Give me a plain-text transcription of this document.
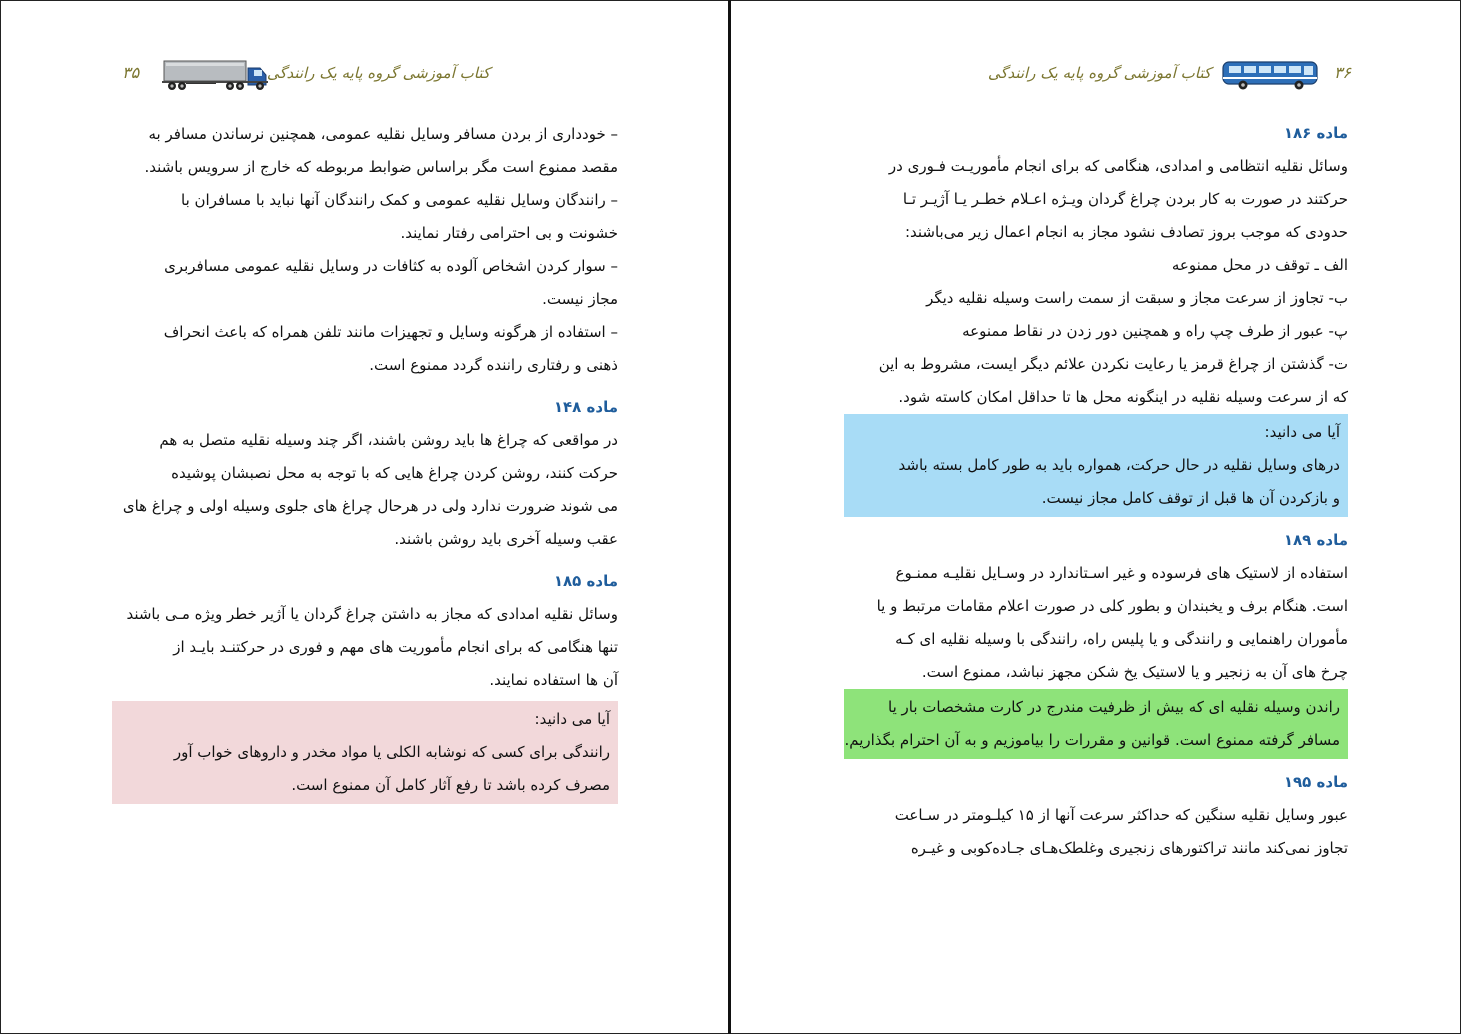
۳۵	کتاب آموزشی گروه پایه یک رانندگی
– خودداری از بردن مسافر وسایل نقلیه عمومی، همچنین نرساندن مسافر به
مقصد ممنوع است مگر براساس ضوابط مربوطه که خارج از سرویس باشند.
– رانندگان وسایل نقلیه عمومی و کمک رانندگان آنها نباید با مسافران با
خشونت و بی احترامی رفتار نمایند.
– سوار کردن اشخاص آلوده به کثافات در وسایل نقلیه عمومی مسافربری
مجاز نیست.
– استفاده از هرگونه وسایل و تجهیزات مانند تلفن همراه که باعث انحراف
ذهنی و رفتاری راننده گردد ممنوع است.
ماده ۱۴۸
در مواقعی که چراغ ها باید روشن باشند، اگر چند وسیله نقلیه متصل به هم
حرکت کنند، روشن کردن چراغ هایی که با توجه به محل نصبشان پوشیده
می شوند ضرورت ندارد ولی در هرحال چراغ های جلوی وسیله اولی و چراغ های
عقب وسیله آخری باید روشن باشند.
ماده ۱۸۵
وسائل نقلیه امدادی که مجاز به داشتن چراغ گردان یا آژیر خطر ویژه مـی باشند
تنها هنگامی که برای انجام مأموریت های مهم و فوری در حرکتنـد بایـد از
آن ها استفاده نمایند.
آیا می دانید:
رانندگی برای کسی که نوشابه الکلی یا مواد مخدر و داروهای خواب آور
مصرف کرده باشد تا رفع آثار کامل آن ممنوع است.
۳۶
کتاب آموزشی گروه پایه یک رانندگی
ماده ۱۸۶
وسائل نقلیه انتظامی و امدادی، هنگامی که برای انجام مأموریـت فـوری در
حرکتند در صورت به کار بردن چراغ گردان ویـژه اعـلام خطـر یـا آژیـر تـا
حدودی که موجب بروز تصادف نشود مجاز به انجام اعمال زیر می‌باشند:
الف ـ توقف در محل ممنوعه
ب- تجاوز از سرعت مجاز و سبقت از سمت راست وسیله نقلیه دیگر
پ- عبور از طرف چپ راه و همچنین دور زدن در نقاط ممنوعه
ت- گذشتن از چراغ قرمز یا رعایت نکردن علائم دیگر ایست، مشروط به این
که از سرعت وسیله نقلیه در اینگونه محل ها تا حداقل امکان کاسته شود.
آیا می دانید:
درهای وسایل نقلیه در حال حرکت، همواره باید به طور کامل بسته باشد
و بازکردن آن ها قبل از توقف کامل مجاز نیست.
ماده ۱۸۹
استفاده از لاستیک های فرسوده و غیر اسـتاندارد در وسـایل نقلیـه ممنـوع
است. هنگام برف و یخبندان و بطور کلی در صورت اعلام مقامات مرتبط و یا
مأموران راهنمایی و رانندگی و یا پلیس راه، رانندگی با وسیله نقلیه ای کـه
چرخ های آن به زنجیر و یا لاستیک یخ شکن مجهز نباشد، ممنوع است.
راندن وسیله نقلیه ای که بیش از ظرفیت مندرج در کارت مشخصات بار یا
مسافر گرفته ممنوع است. قوانین و مقررات را بیاموزیم و به آن احترام بگذاریم.
ماده ۱۹۵
عبور وسایل نقلیه سنگین که حداکثر سرعت آنها از ۱۵ کیلـومتر در سـاعت
تجاوز نمی‌کند مانند تراکتورهای زنجیری وغلطک‌هـای جـاده‌کوبی و غیـره
